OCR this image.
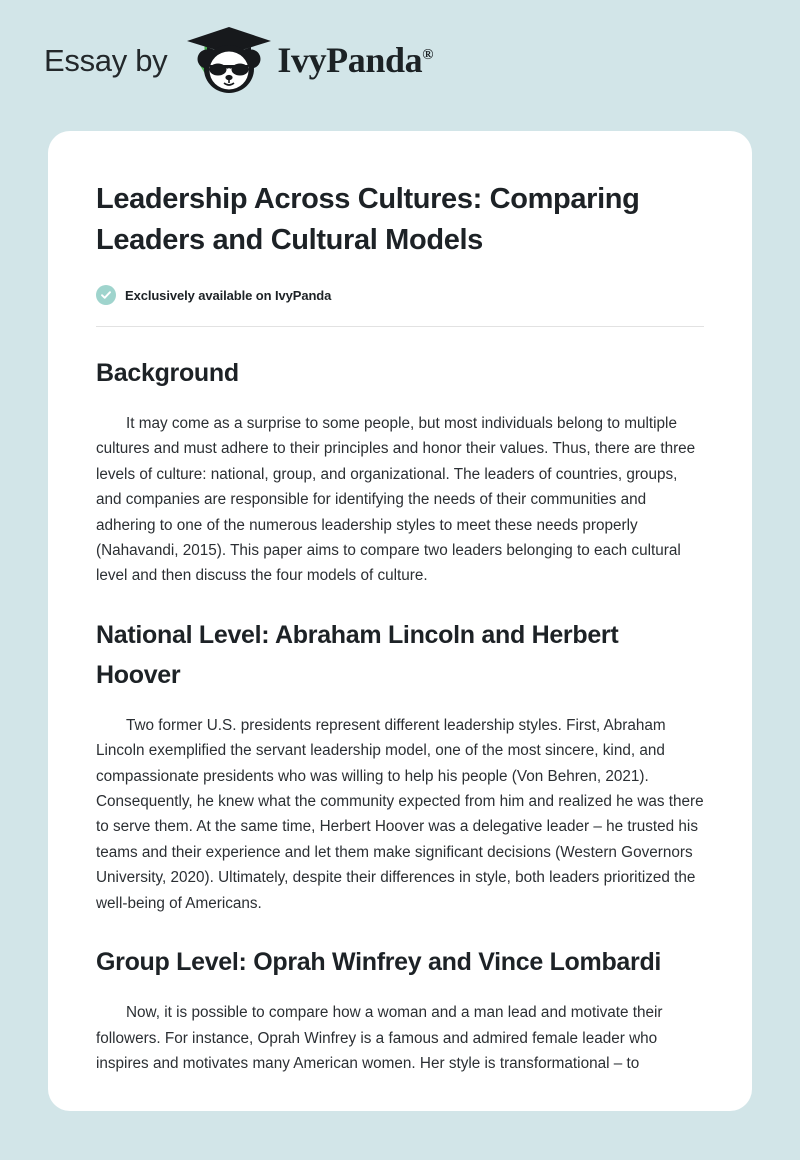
Essay by	IvyPanda®
Leadership Across Cultures: Comparing Leaders and Cultural Models
Exclusively available on IvyPanda
Background

It may come as a surprise to some people, but most individuals belong to multiple cultures and must adhere to their principles and honor their values. Thus, there are three levels of culture: national, group, and organizational. The leaders of countries, groups, and companies are responsible for identifying the needs of their communities and adhering to one of the numerous leadership styles to meet these needs properly (Nahavandi, 2015). This paper aims to compare two leaders belonging to each cultural level and then discuss the four models of culture.

National Level: Abraham Lincoln and Herbert Hoover

Two former U.S. presidents represent different leadership styles. First, Abraham Lincoln exemplified the servant leadership model, one of the most sincere, kind, and compassionate presidents who was willing to help his people (Von Behren, 2021). Consequently, he knew what the community expected from him and realized he was there to serve them. At the same time, Herbert Hoover was a delegative leader – he trusted his teams and their experience and let them make significant decisions (Western Governors University, 2020). Ultimately, despite their differences in style, both leaders prioritized the well-being of Americans.

Group Level: Oprah Winfrey and Vince Lombardi

Now, it is possible to compare how a woman and a man lead and motivate their followers. For instance, Oprah Winfrey is a famous and admired female leader who inspires and motivates many American women. Her style is transformational – to
